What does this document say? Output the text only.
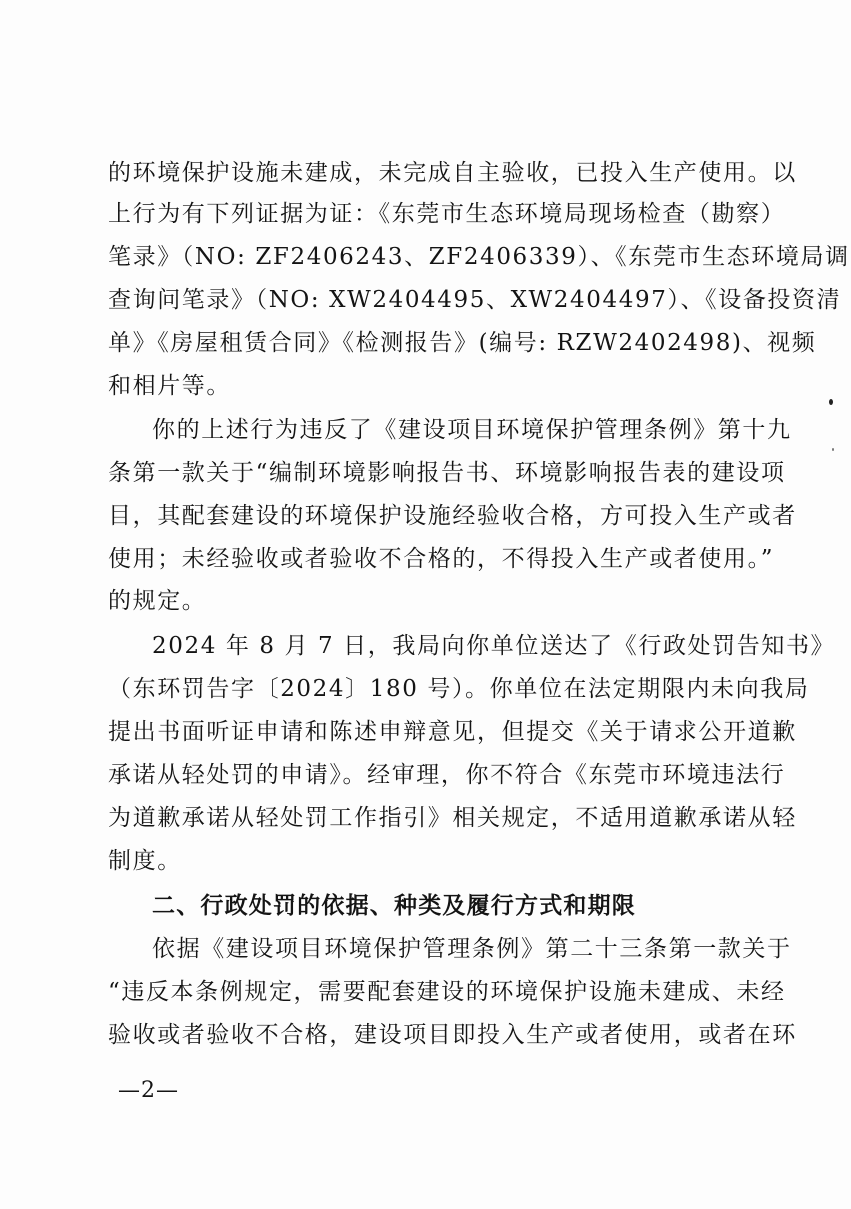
的环境保护设施未建成，未完成自主验收，已投入生产使用。以
上行为有下列证据为证：《东莞市生态环境局现场检查（勘察）
笔录》（NO: ZF2406243、ZF2406339）、《东莞市生态环境局调
查询问笔录》（NO: XW2404495、XW2404497）、《设备投资清
单》《房屋租赁合同》《检测报告》(编号: RZW2402498)、视频
和相片等。
你的上述行为违反了《建设项目环境保护管理条例》第十九
条第一款关于“编制环境影响报告书、环境影响报告表的建设项
目，其配套建设的环境保护设施经验收合格，方可投入生产或者
使用；未经验收或者验收不合格的，不得投入生产或者使用。”
的规定。
2024 年 8 月 7 日，我局向你单位送达了《行政处罚告知书》
（东环罚告字〔2024〕180 号）。你单位在法定期限内未向我局
提出书面听证申请和陈述申辩意见，但提交《关于请求公开道歉
承诺从轻处罚的申请》。经审理，你不符合《东莞市环境违法行
为道歉承诺从轻处罚工作指引》相关规定，不适用道歉承诺从轻
制度。
二、行政处罚的依据、种类及履行方式和期限
依据《建设项目环境保护管理条例》第二十三条第一款关于
“违反本条例规定，需要配套建设的环境保护设施未建成、未经
验收或者验收不合格，建设项目即投入生产或者使用，或者在环
—2—
